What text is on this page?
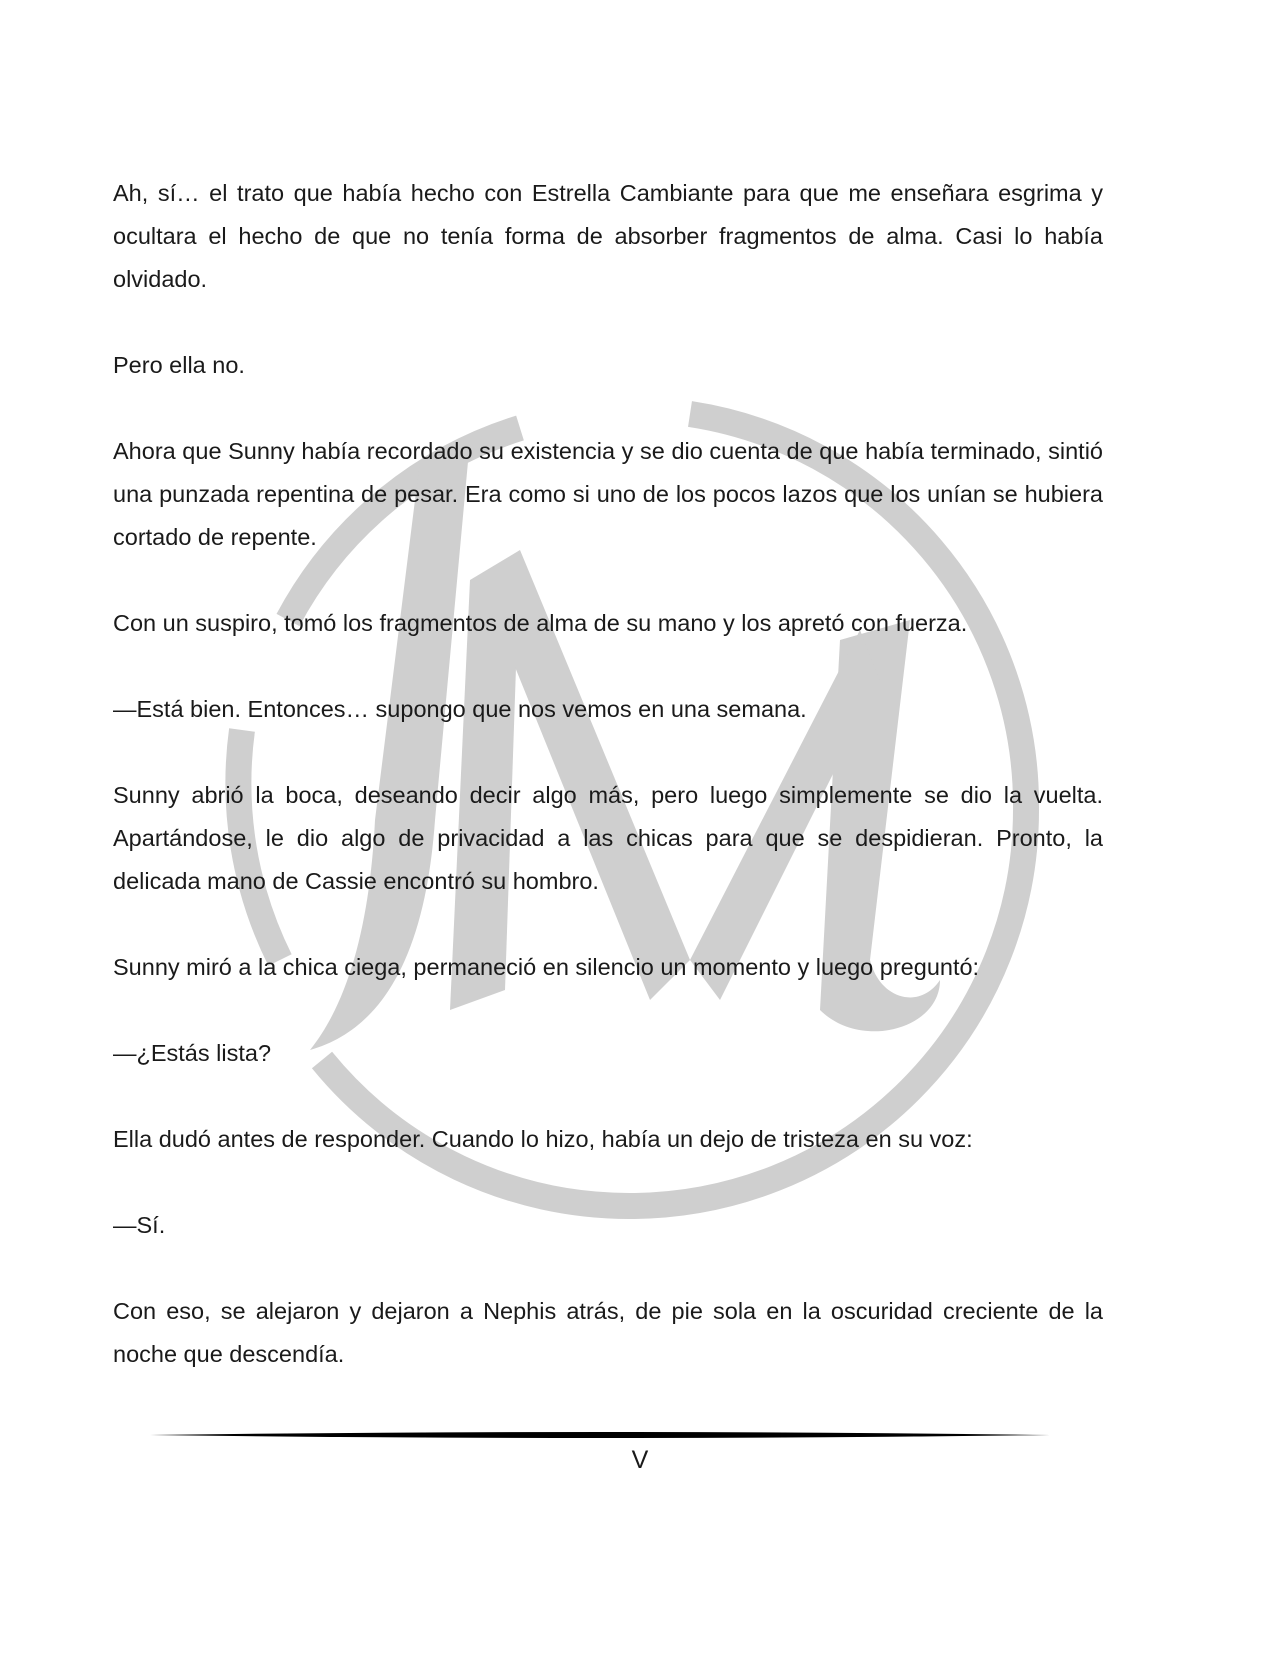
Ah, sí… el trato que había hecho con Estrella Cambiante para que me enseñara esgrima y ocultara el hecho de que no tenía forma de absorber fragmentos de alma. Casi lo había olvidado.

Pero ella no.

Ahora que Sunny había recordado su existencia y se dio cuenta de que había terminado, sintió una punzada repentina de pesar. Era como si uno de los pocos lazos que los unían se hubiera cortado de repente.

Con un suspiro, tomó los fragmentos de alma de su mano y los apretó con fuerza.

—Está bien. Entonces… supongo que nos vemos en una semana.

Sunny abrió la boca, deseando decir algo más, pero luego simplemente se dio la vuelta. Apartándose, le dio algo de privacidad a las chicas para que se despidieran. Pronto, la delicada mano de Cassie encontró su hombro.

Sunny miró a la chica ciega, permaneció en silencio un momento y luego preguntó:

—¿Estás lista?

Ella dudó antes de responder. Cuando lo hizo, había un dejo de tristeza en su voz:

—Sí.

Con eso, se alejaron y dejaron a Nephis atrás, de pie sola en la oscuridad creciente de la noche que descendía.

V
